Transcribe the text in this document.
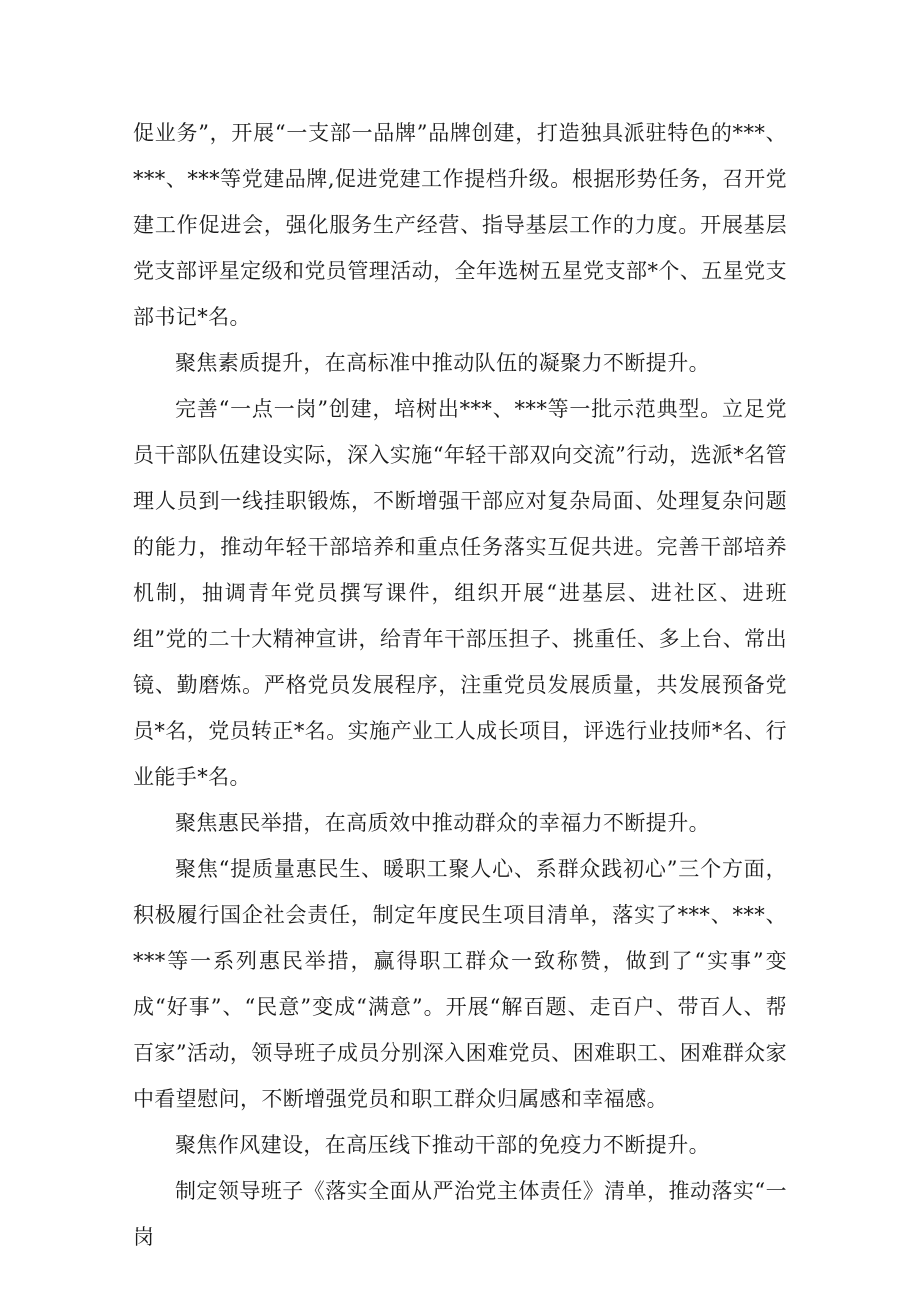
促业务”，开展“一支部一品牌”品牌创建，打造独具派驻特色的***、***、***等党建品牌,促进党建工作提档升级。根据形势任务，召开党建工作促进会，强化服务生产经营、指导基层工作的力度。开展基层党支部评星定级和党员管理活动，全年选树五星党支部*个、五星党支部书记*名。

聚焦素质提升，在高标准中推动队伍的凝聚力不断提升。

完善“一点一岗”创建，培树出***、***等一批示范典型。立足党员干部队伍建设实际，深入实施“年轻干部双向交流”行动，选派*名管理人员到一线挂职锻炼，不断增强干部应对复杂局面、处理复杂问题的能力，推动年轻干部培养和重点任务落实互促共进。完善干部培养机制，抽调青年党员撰写课件，组织开展“进基层、进社区、进班组”党的二十大精神宣讲，给青年干部压担子、挑重任、多上台、常出镜、勤磨炼。严格党员发展程序，注重党员发展质量，共发展预备党员*名，党员转正*名。实施产业工人成长项目，评选行业技师*名、行业能手*名。

聚焦惠民举措，在高质效中推动群众的幸福力不断提升。

聚焦“提质量惠民生、暖职工聚人心、系群众践初心”三个方面，积极履行国企社会责任，制定年度民生项目清单，落实了***、***、***等一系列惠民举措，赢得职工群众一致称赞，做到了“实事”变成“好事”、“民意”变成“满意”。开展“解百题、走百户、带百人、帮百家”活动，领导班子成员分别深入困难党员、困难职工、困难群众家中看望慰问，不断增强党员和职工群众归属感和幸福感。

聚焦作风建设，在高压线下推动干部的免疫力不断提升。

制定领导班子《落实全面从严治党主体责任》清单，推动落实“一岗
